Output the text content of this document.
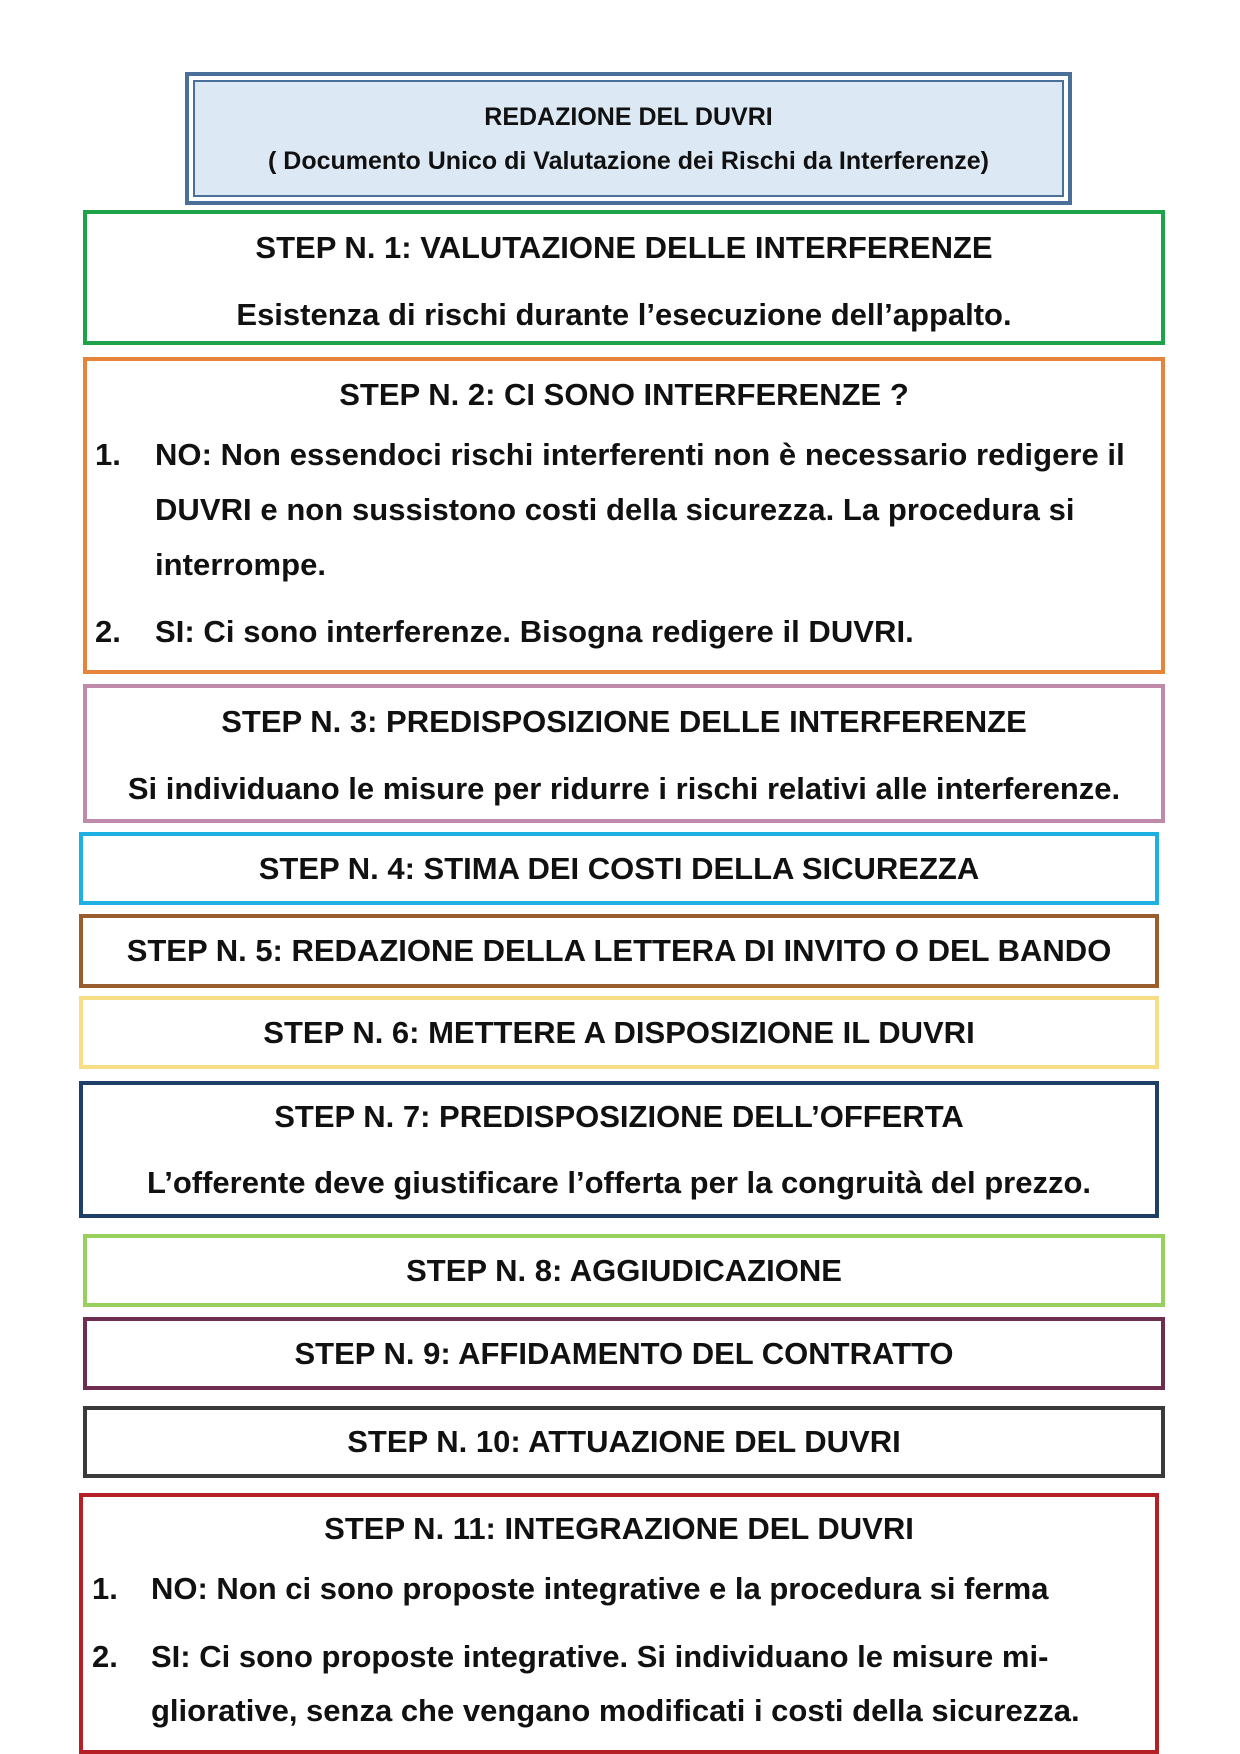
REDAZIONE DEL DUVRI
( Documento Unico di Valutazione dei Rischi da Interferenze)
STEP N. 1: VALUTAZIONE DELLE INTERFERENZE
Esistenza di rischi durante l’esecuzione dell’appalto.
STEP N. 2: CI SONO INTERFERENZE ?
1. NO: Non essendoci rischi interferenti non è necessario redigere il DUVRI e non sussistono costi della sicurezza. La procedura si interrompe.
2. SI: Ci sono interferenze. Bisogna redigere il DUVRI.
STEP N. 3: PREDISPOSIZIONE DELLE INTERFERENZE
Si individuano le misure per ridurre i rischi relativi alle interferenze.
STEP N. 4: STIMA DEI COSTI DELLA SICUREZZA
STEP N. 5: REDAZIONE DELLA LETTERA DI INVITO O DEL BANDO
STEP N. 6: METTERE A DISPOSIZIONE IL DUVRI
STEP N. 7: PREDISPOSIZIONE DELL’OFFERTA
L’offerente deve giustificare l’offerta per la congruità del prezzo.
STEP N. 8: AGGIUDICAZIONE
STEP N. 9: AFFIDAMENTO DEL CONTRATTO
STEP N. 10: ATTUAZIONE DEL DUVRI
STEP N. 11: INTEGRAZIONE DEL DUVRI
1. NO: Non ci sono proposte integrative e la procedura si ferma
2. SI: Ci sono proposte integrative. Si individuano le misure mi-gliorative, senza che vengano modificati i costi della sicurezza.
